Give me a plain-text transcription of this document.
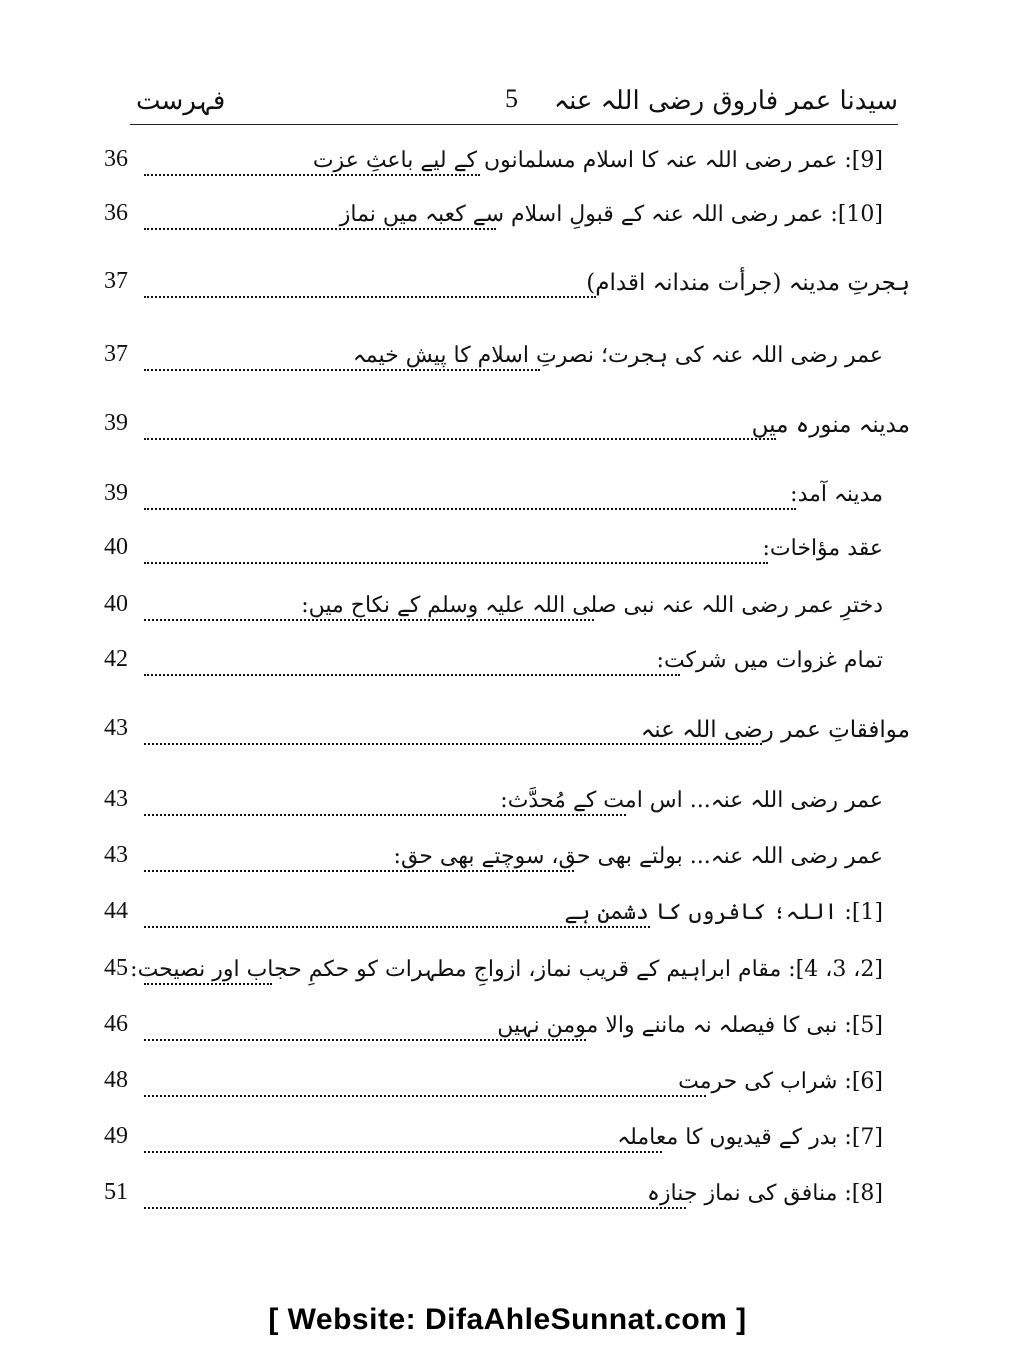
سیدنا عمر فاروق رضی اللہ عنہ
5
فہرست
36	[9]: عمر رضی اللہ عنہ کا اسلام مسلمانوں کے لیے باعثِ عزت
36	[10]: عمر رضی اللہ عنہ کے قبولِ اسلام سے کعبہ میں نماز
37	ہجرتِ مدینہ (جرأت مندانہ اقدام)
37	عمر رضی اللہ عنہ کی ہجرت؛ نصرتِ اسلام کا پیش خیمہ
39	مدینہ منورہ میں
39	مدینہ آمد:
40	عقد مؤاخات:
40	دخترِ عمر رضی اللہ عنہ نبی صلی اللہ علیہ وسلم کے نکاح میں:
42	تمام غزوات میں شرکت:
43	موافقاتِ عمر رضی اللہ عنہ
43	عمر رضی اللہ عنہ... اس امت کے مُحدَّث:
43	عمر رضی اللہ عنہ... بولتے بھی حق، سوچتے بھی حق:
44	[1]: اللہ؛ کافروں کا دشمن ہے
45 [2، 3، 4]: مقام ابراہیم کے قریب نماز، ازواجِ مطہرات کو حکمِ حجاب اور نصیحت:
46	[5]: نبی کا فیصلہ نہ ماننے والا مومن نہیں
48	[6]: شراب کی حرمت
49	[7]: بدر کے قیدیوں کا معاملہ
51	[8]: منافق کی نماز جنازہ
[ Website: DifaAhleSunnat.com ]
